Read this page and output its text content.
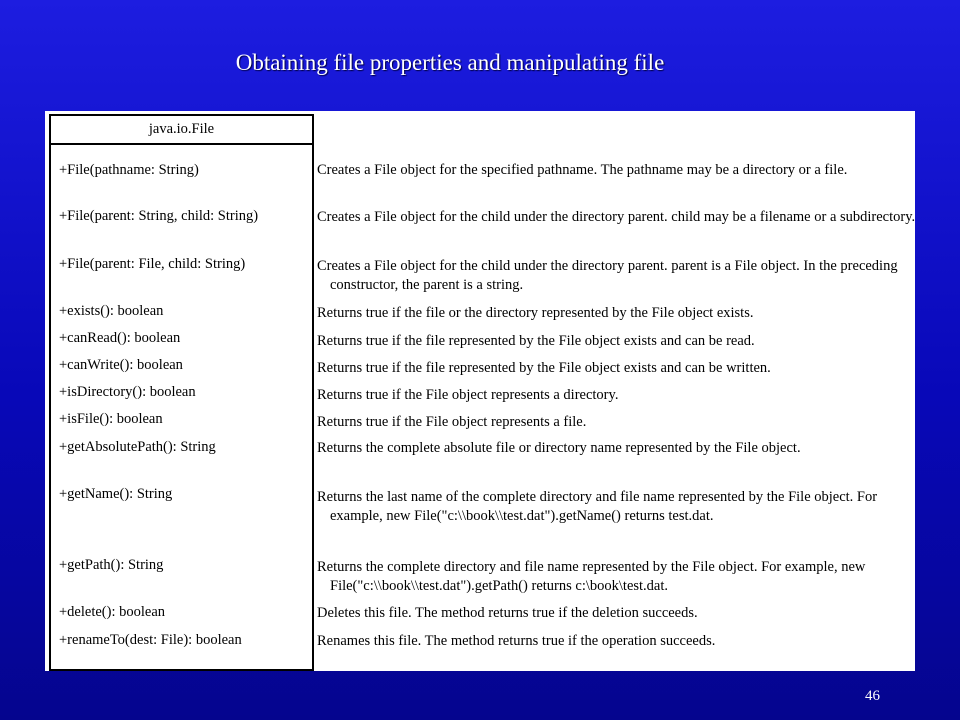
Obtaining file properties and manipulating file
java.io.File
+File(pathname: String)	Creates a File object for the specified pathname. The pathname may be a directory or a file.
+File(parent: String, child: String)	Creates a File object for the child under the directory parent. child may be a filename or a subdirectory.
+File(parent: File, child: String)	Creates a File object for the child under the directory parent. parent is a File object. In the preceding constructor, the parent is a string.
+exists(): boolean	Returns true if the file or the directory represented by the File object exists.
+canRead(): boolean	Returns true if the file represented by the File object exists and can be read.
+canWrite(): boolean	Returns true if the file represented by the File object exists and can be written.
+isDirectory(): boolean	Returns true if the File object represents a directory.
+isFile(): boolean	Returns true if the File object represents a file.
+getAbsolutePath(): String	Returns the complete absolute file or directory name represented by the File object.
+getName(): String	Returns the last name of the complete directory and file name represented by the File object. For example, new File("c:\\book\\test.dat").getName() returns test.dat.
+getPath(): String	Returns the complete directory and file name represented by the File object. For example, new File("c:\\book\\test.dat").getPath() returns c:\book\test.dat.
+delete(): boolean	Deletes this file. The method returns true if the deletion succeeds.
+renameTo(dest: File): boolean	Renames this file. The method returns true if the operation succeeds.
46
